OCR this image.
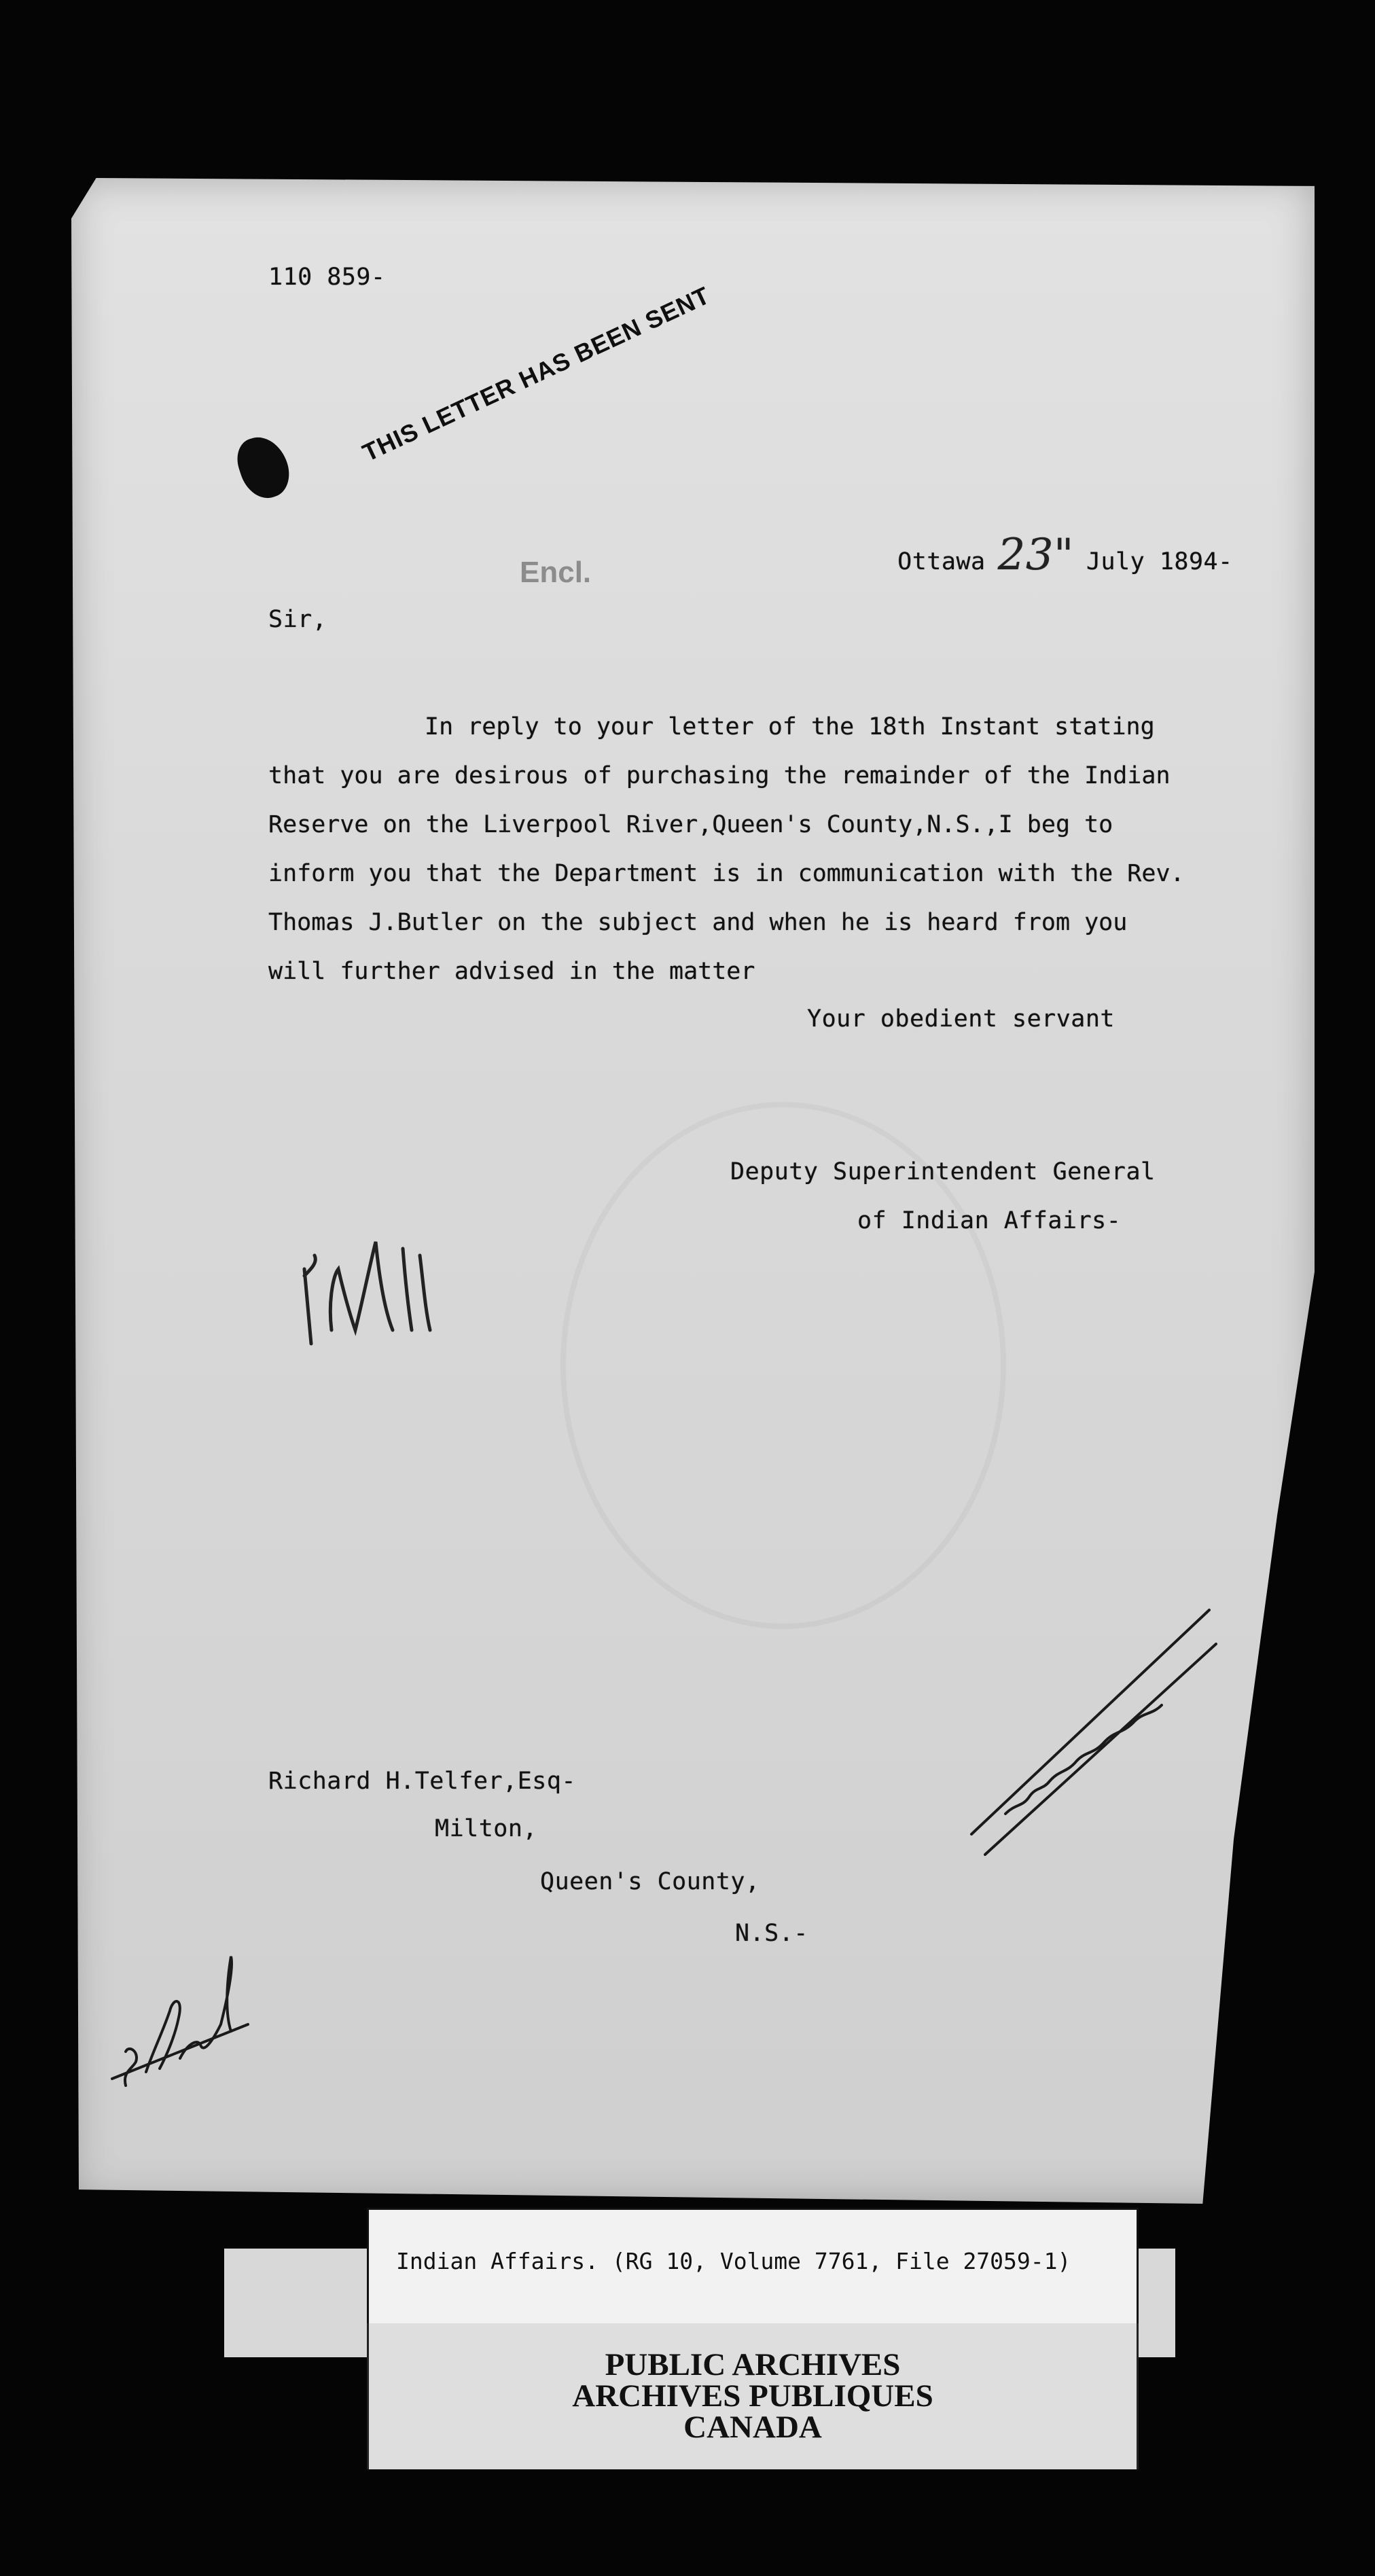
110 859-
THIS LETTER HAS BEEN SENT

Ottawa 23" July 1894-

Encl.
Sir,
In reply to your letter of the 18th Instant stating
that you are desirous of purchasing the remainder of the Indian
Reserve on the Liverpool River,Queen's County,N.S.,I beg to
inform you that the Department is in communication with the Rev.
Thomas J.Butler on the subject and when he is heard from you
will further advised in the matter
Your obedient servant
Deputy Superintendent General
of Indian Affairs-
Richard H.Telfer,Esq-
Milton,
Queen's County,
N.S.-
Indian Affairs. (RG 10, Volume 7761, File 27059-1)
PUBLIC ARCHIVES
ARCHIVES PUBLIQUES
CANADA
